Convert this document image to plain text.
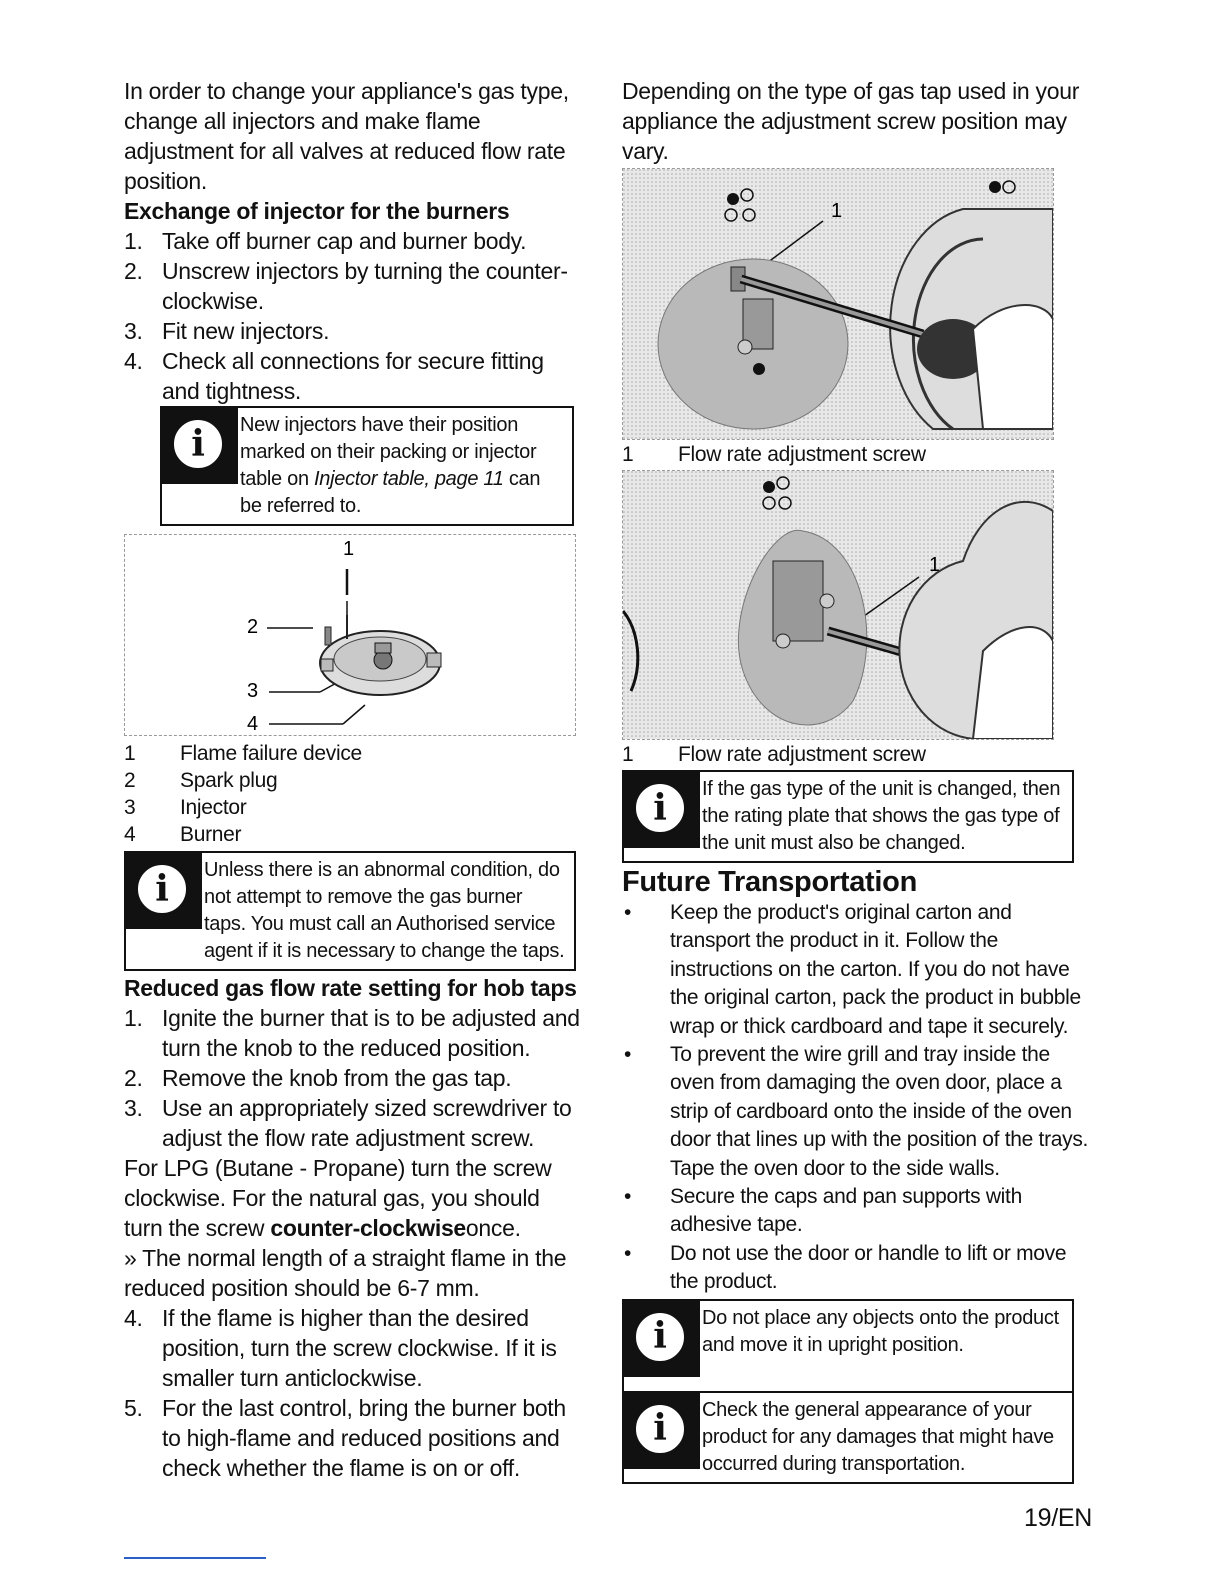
In order to change your appliance's gas type, change all injectors and make flame adjustment for all valves at reduced flow rate position.

Exchange of injector for the burners

1. Take off burner cap and burner body.
2. Unscrew injectors by turning the counter-clockwise.
3. Fit new injectors.
4. Check all connections for secure fitting and tightness.
i	New injectors have their position marked on their packing or injector table on Injector table, page 11 can be referred to.
1
2
3
4
1	Flame failure device
2	Spark plug
3	Injector
4	Burner
i	Unless there is an abnormal condition, do not attempt to remove the gas burner taps. You must call an Authorised service agent if it is necessary to change the taps.

Reduced gas flow rate setting for hob taps

1. Ignite the burner that is to be adjusted and turn the knob to the reduced position.
2. Remove the knob from the gas tap.
3. Use an appropriately sized screwdriver to adjust the flow rate adjustment screw.

For LPG (Butane - Propane) turn the screw clockwise. For the natural gas, you should turn the screw counter-clockwiseonce.

» The normal length of a straight flame in the reduced position should be 6-7 mm.

4. If the flame is higher than the desired position, turn the screw clockwise. If it is smaller turn anticlockwise.
5. For the last control, bring the burner both to high-flame and reduced positions and check whether the flame is on or off.

Depending on the type of gas tap used in your appliance the adjustment screw position may vary.

1
1	Flow rate adjustment screw
1
1	Flow rate adjustment screw
i	If the gas type of the unit is changed, then the rating plate that shows the gas type of the unit must also be changed.

Future Transportation

• Keep the product's original carton and transport the product in it. Follow the instructions on the carton. If you do not have the original carton, pack the product in bubble wrap or thick cardboard and tape it securely.
• To prevent the wire grill and tray inside the oven from damaging the oven door, place a strip of cardboard onto the inside of the oven door that lines up with the position of the trays. Tape the oven door to the side walls.
• Secure the caps and pan supports with adhesive tape.
• Do not use the door or handle to lift or move the product.
i	Do not place any objects onto the product and move it in upright position.
i	Check the general appearance of your product for any damages that might have occurred during transportation.
19/EN
